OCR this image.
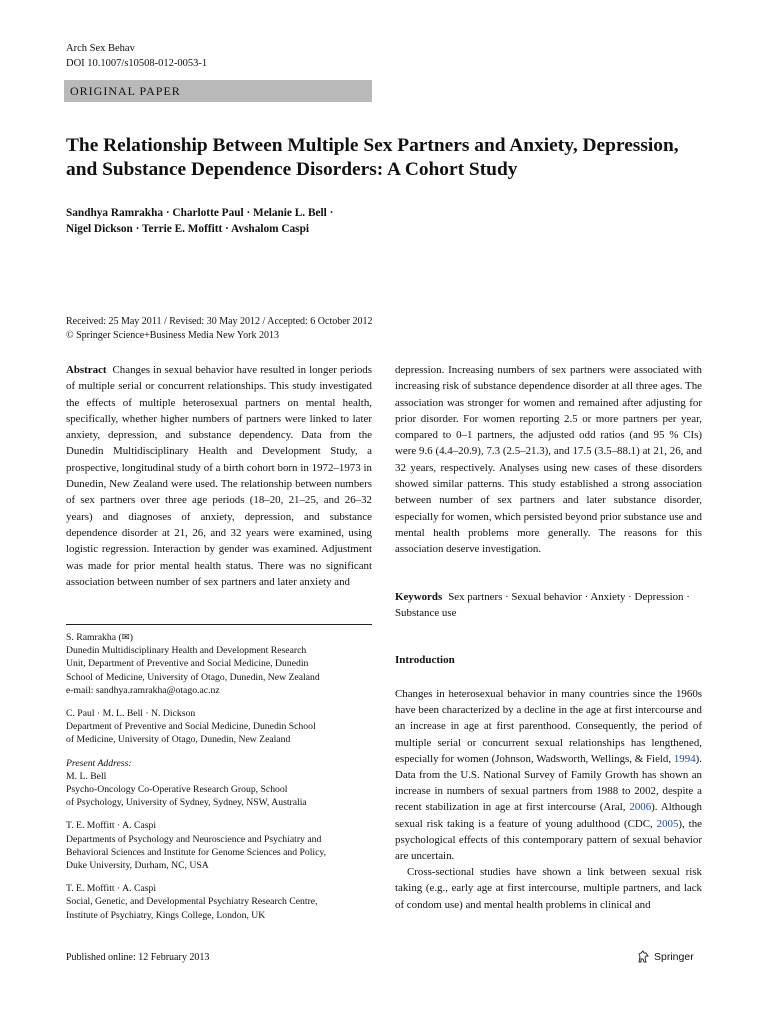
Arch Sex Behav
DOI 10.1007/s10508-012-0053-1
ORIGINAL PAPER
The Relationship Between Multiple Sex Partners and Anxiety, Depression, and Substance Dependence Disorders: A Cohort Study
Sandhya Ramrakha · Charlotte Paul · Melanie L. Bell ·
Nigel Dickson · Terrie E. Moffitt · Avshalom Caspi
Received: 25 May 2011 / Revised: 30 May 2012 / Accepted: 6 October 2012
© Springer Science+Business Media New York 2013
Abstract Changes in sexual behavior have resulted in longer periods of multiple serial or concurrent relationships. This study investigated the effects of multiple heterosexual partners on mental health, specifically, whether higher numbers of partners were linked to later anxiety, depression, and substance dependency. Data from the Dunedin Multidisciplinary Health and Development Study, a prospective, longitudinal study of a birth cohort born in 1972–1973 in Dunedin, New Zealand were used. The relationship between numbers of sex partners over three age periods (18–20, 21–25, and 26–32 years) and diagnoses of anxiety, depression, and substance dependence disorder at 21, 26, and 32 years were examined, using logistic regression. Interaction by gender was examined. Adjustment was made for prior mental health status. There was no significant association between number of sex partners and later anxiety and
depression. Increasing numbers of sex partners were associated with increasing risk of substance dependence disorder at all three ages. The association was stronger for women and remained after adjusting for prior disorder. For women reporting 2.5 or more partners per year, compared to 0–1 partners, the adjusted odd ratios (and 95 % CIs) were 9.6 (4.4–20.9), 7.3 (2.5–21.3), and 17.5 (3.5–88.1) at 21, 26, and 32 years, respectively. Analyses using new cases of these disorders showed similar patterns. This study established a strong association between number of sex partners and later substance disorder, especially for women, which persisted beyond prior substance use and mental health problems more generally. The reasons for this association deserve investigation.
Keywords Sex partners · Sexual behavior · Anxiety · Depression · Substance use
S. Ramrakha (✉)
Dunedin Multidisciplinary Health and Development Research
Unit, Department of Preventive and Social Medicine, Dunedin
School of Medicine, University of Otago, Dunedin, New Zealand
e-mail: sandhya.ramrakha@otago.ac.nz
C. Paul · M. L. Bell · N. Dickson
Department of Preventive and Social Medicine, Dunedin School
of Medicine, University of Otago, Dunedin, New Zealand
Present Address:
M. L. Bell
Psycho-Oncology Co-Operative Research Group, School
of Psychology, University of Sydney, Sydney, NSW, Australia
T. E. Moffitt · A. Caspi
Departments of Psychology and Neuroscience and Psychiatry and
Behavioral Sciences and Institute for Genome Sciences and Policy,
Duke University, Durham, NC, USA
T. E. Moffitt · A. Caspi
Social, Genetic, and Developmental Psychiatry Research Centre,
Institute of Psychiatry, Kings College, London, UK
Introduction

Changes in heterosexual behavior in many countries since the 1960s have been characterized by a decline in the age at first intercourse and an increase in age at first parenthood. Consequently, the period of multiple serial or concurrent sexual relationships has lengthened, especially for women (Johnson, Wadsworth, Wellings, & Field, 1994). Data from the U.S. National Survey of Family Growth has shown an increase in numbers of sexual partners from 1988 to 2002, despite a recent stabilization in age at first intercourse (Aral, 2006). Although sexual risk taking is a feature of young adulthood (CDC, 2005), the psychological effects of this contemporary pattern of sexual behavior are uncertain.

Cross-sectional studies have shown a link between sexual risk taking (e.g., early age at first intercourse, multiple partners, and lack of condom use) and mental health problems in clinical and

Published online: 12 February 2013	Springer
